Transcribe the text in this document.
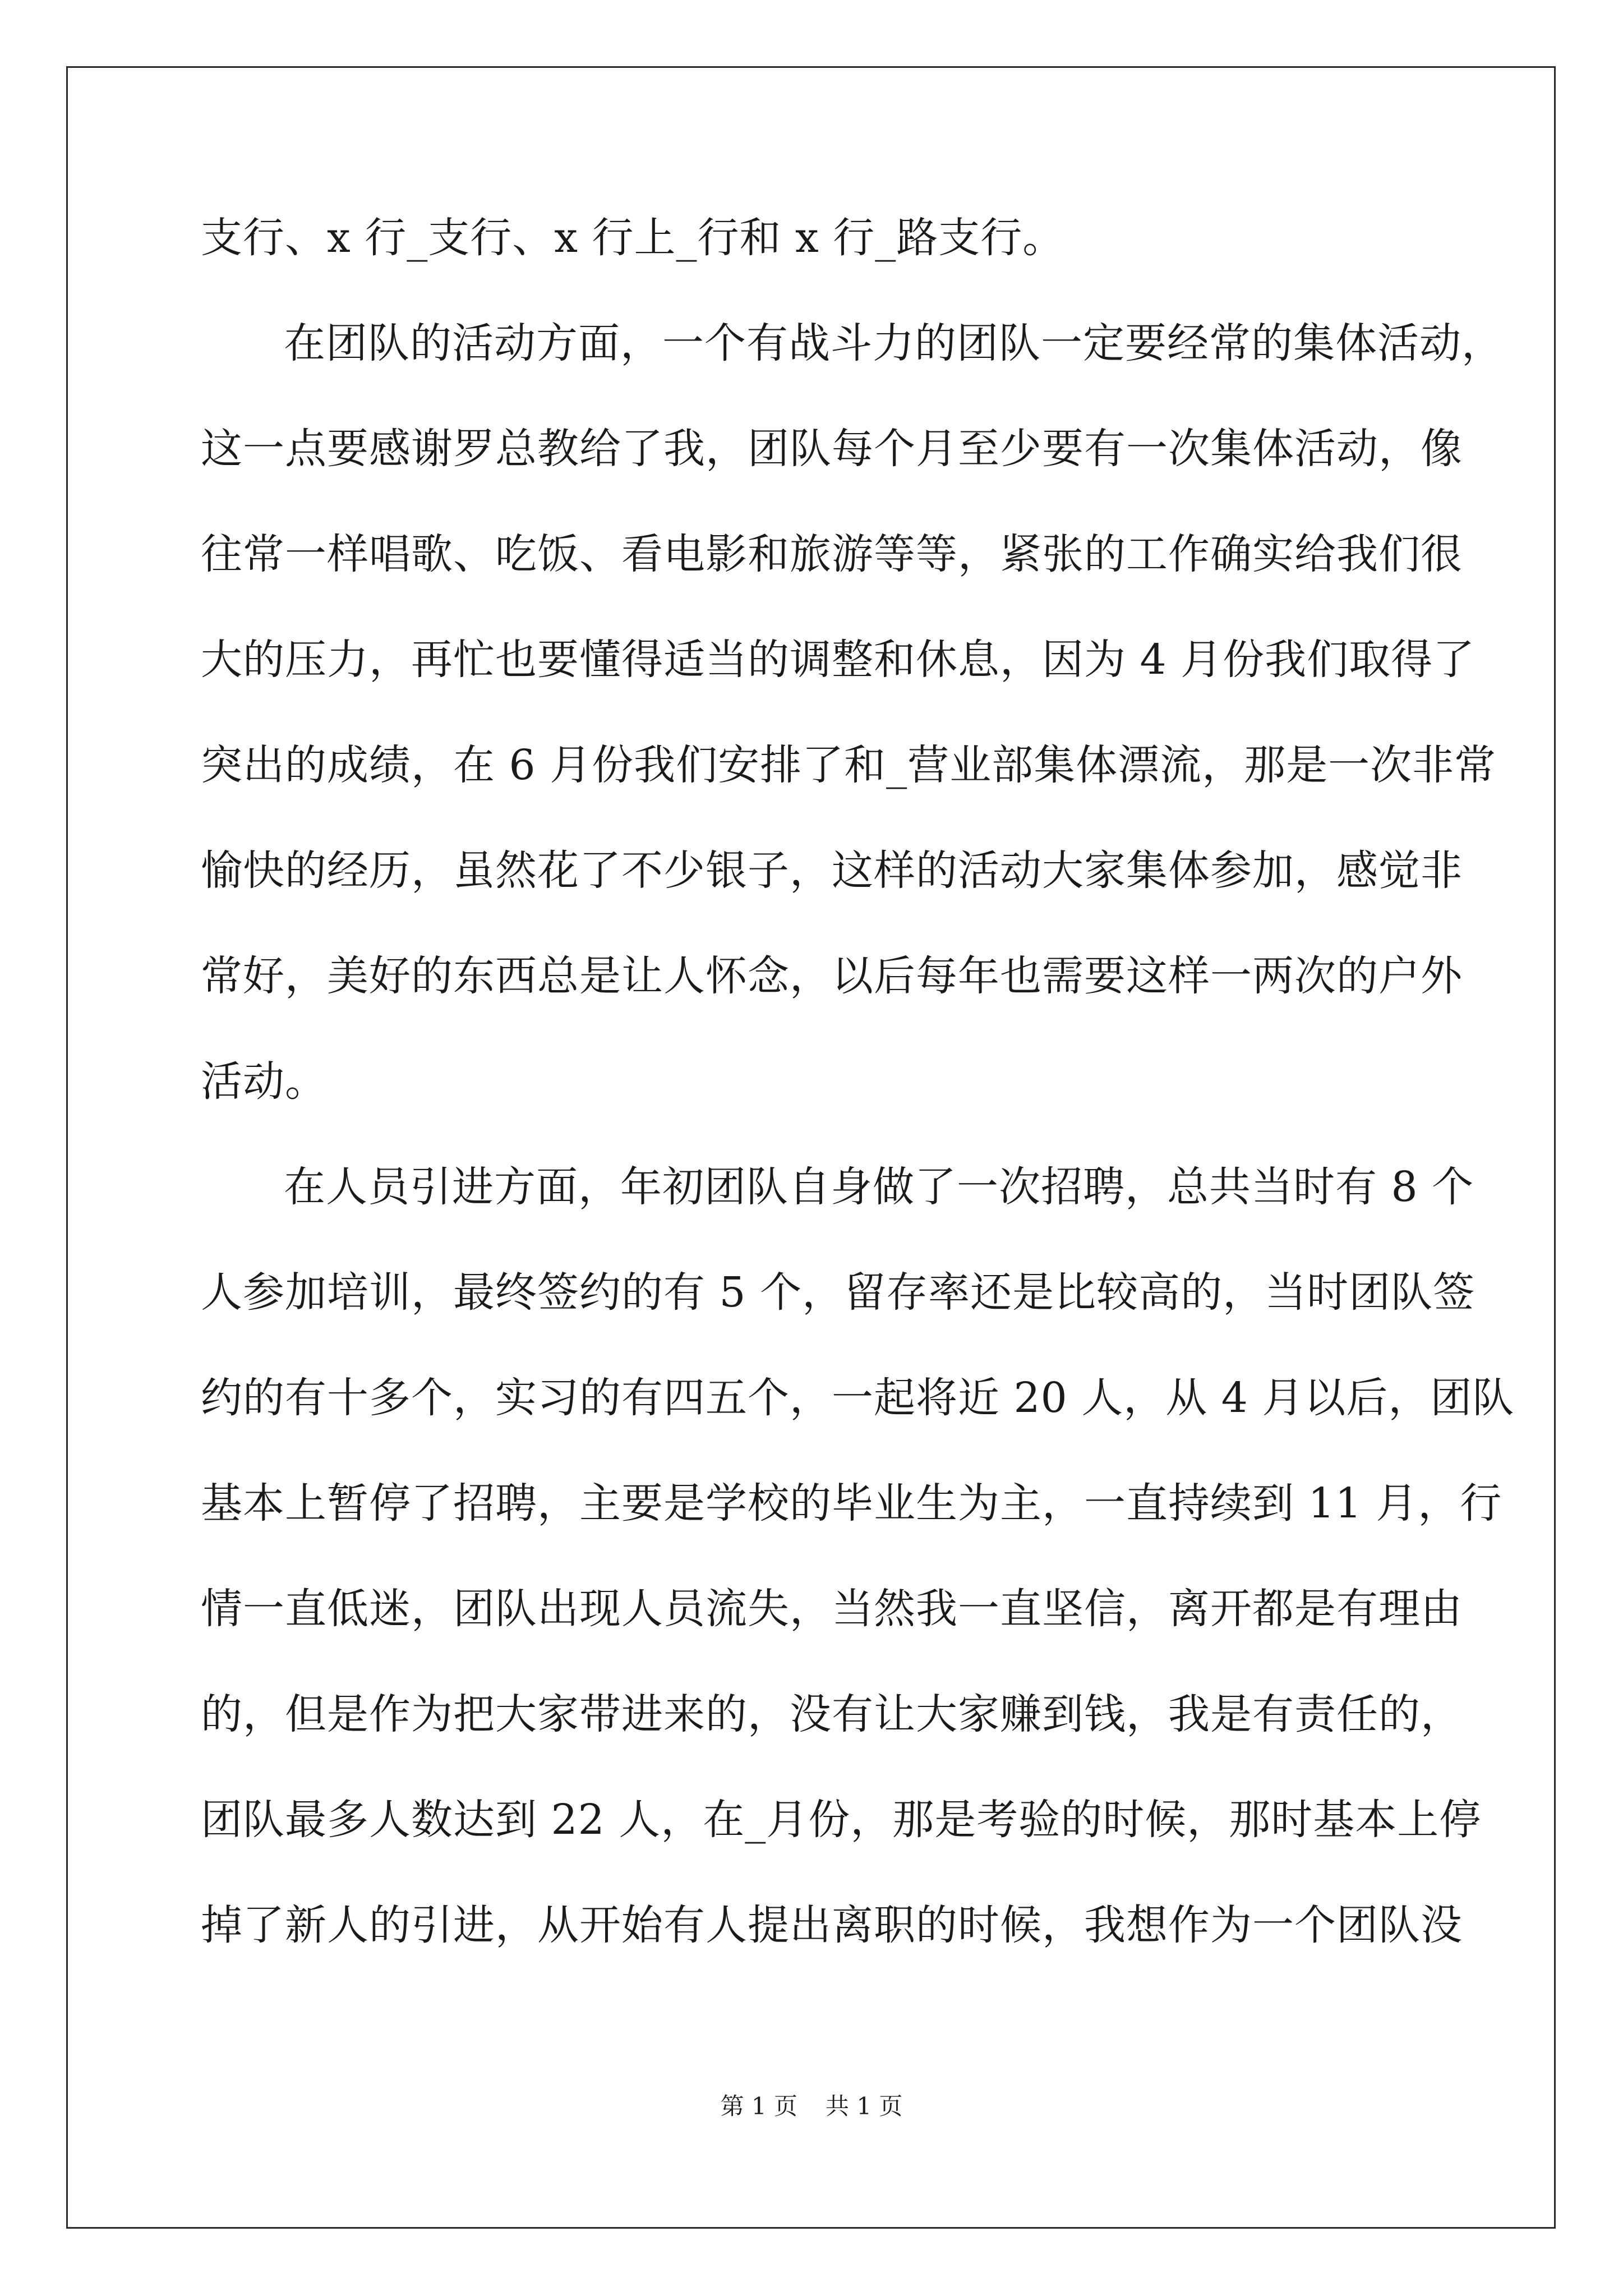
支行、x 行_支行、x 行上_行和 x 行_路支行。
在团队的活动方面，一个有战斗力的团队一定要经常的集体活动，
这一点要感谢罗总教给了我，团队每个月至少要有一次集体活动，像
往常一样唱歌、吃饭、看电影和旅游等等，紧张的工作确实给我们很
大的压力，再忙也要懂得适当的调整和休息，因为 4 月份我们取得了
突出的成绩，在 6 月份我们安排了和_营业部集体漂流，那是一次非常
愉快的经历，虽然花了不少银子，这样的活动大家集体参加，感觉非
常好，美好的东西总是让人怀念，以后每年也需要这样一两次的户外
活动。
在人员引进方面，年初团队自身做了一次招聘，总共当时有 8 个
人参加培训，最终签约的有 5 个，留存率还是比较高的，当时团队签
约的有十多个，实习的有四五个，一起将近 20 人，从 4 月以后，团队
基本上暂停了招聘，主要是学校的毕业生为主，一直持续到 11 月，行
情一直低迷，团队出现人员流失，当然我一直坚信，离开都是有理由
的，但是作为把大家带进来的，没有让大家赚到钱，我是有责任的，
团队最多人数达到 22 人，在_月份，那是考验的时候，那时基本上停
掉了新人的引进，从开始有人提出离职的时候，我想作为一个团队没
第 1 页 共 1 页
